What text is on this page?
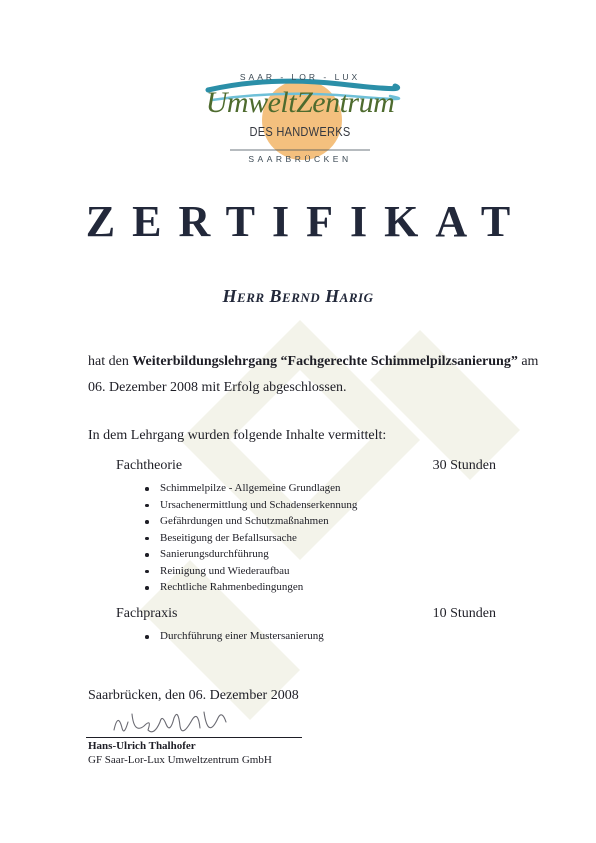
SAAR - LOR - LUX
UmweltZentrum
DES HANDWERKS
SAARBRÜCKEN
ZERTIFIKAT
Herr Bernd Harig
hat den Weiterbildungslehrgang “Fachgerechte Schimmelpilzsanierung” am
06. Dezember 2008 mit Erfolg abgeschlossen.
In dem Lehrgang wurden folgende Inhalte vermittelt:
Fachtheorie	30 Stunden
Schimmelpilze - Allgemeine Grundlagen
Ursachenermittlung und Schadenserkennung
Gefährdungen und Schutzmaßnahmen
Beseitigung der Befallsursache
Sanierungsdurchführung
Reinigung und Wiederaufbau
Rechtliche Rahmenbedingungen
Fachpraxis	10 Stunden
Durchführung einer Mustersanierung
Saarbrücken, den 06. Dezember 2008
Hans-Ulrich Thalhofer
GF Saar-Lor-Lux Umweltzentrum GmbH
